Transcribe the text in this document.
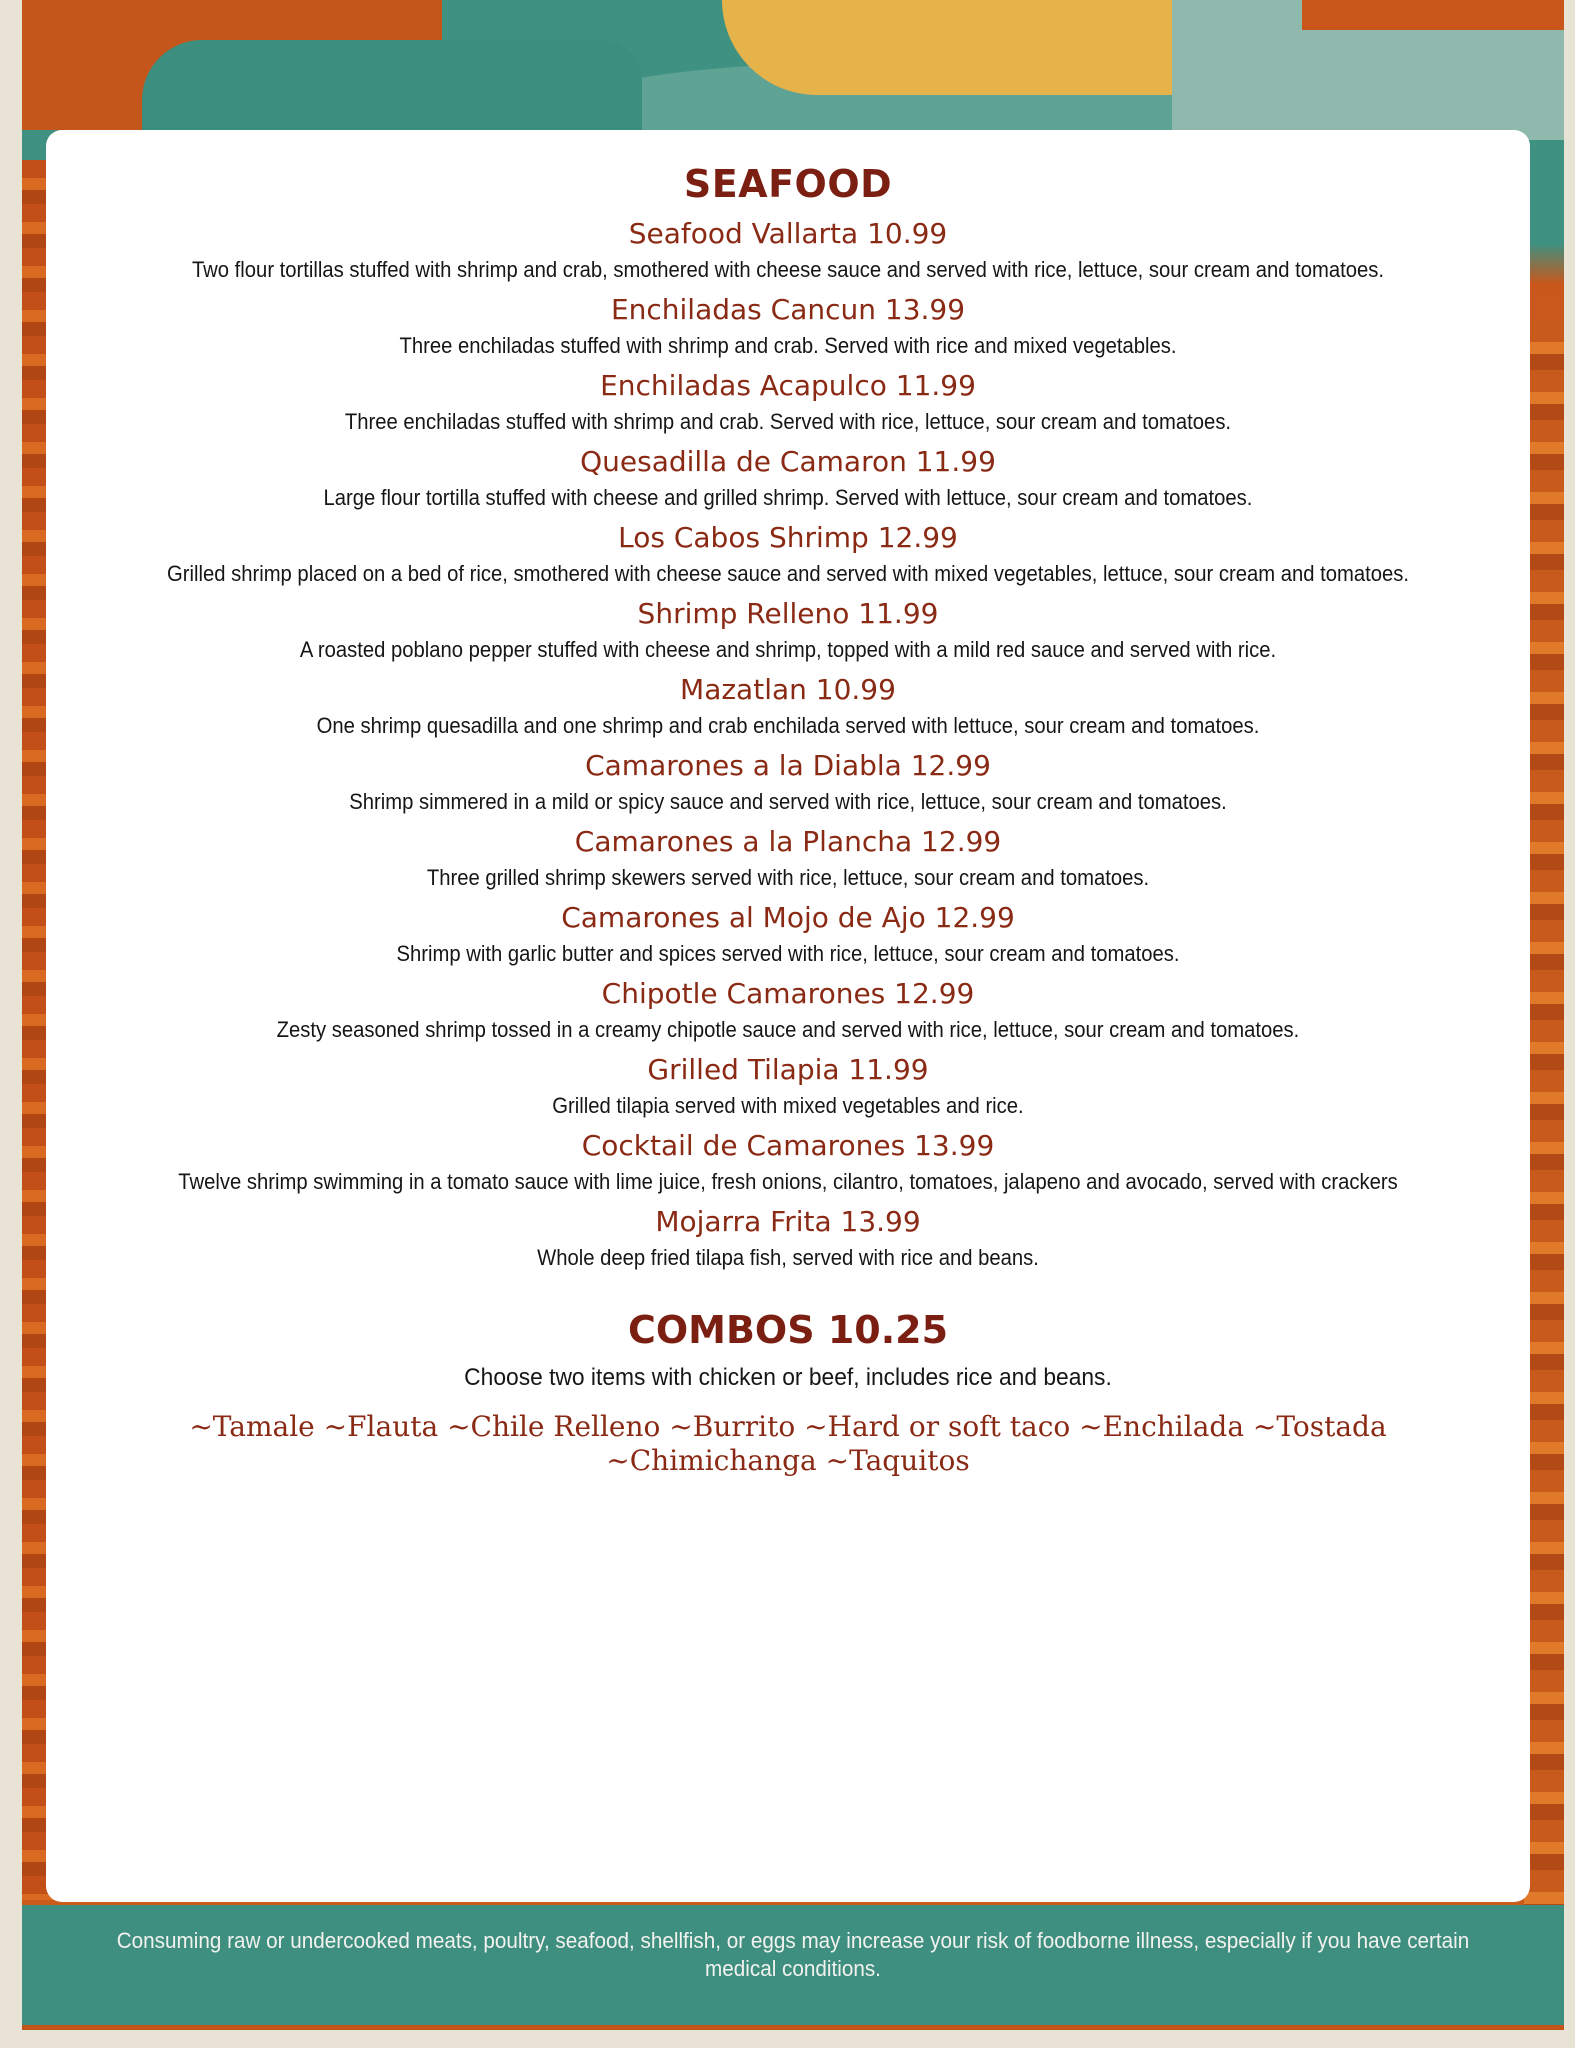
SEAFOOD

Seafood Vallarta 10.99

Two flour tortillas stuffed with shrimp and crab, smothered with cheese sauce and served with rice, lettuce, sour cream and tomatoes.

Enchiladas Cancun 13.99

Three enchiladas stuffed with shrimp and crab. Served with rice and mixed vegetables.

Enchiladas Acapulco 11.99

Three enchiladas stuffed with shrimp and crab. Served with rice, lettuce, sour cream and tomatoes.

Quesadilla de Camaron 11.99

Large flour tortilla stuffed with cheese and grilled shrimp. Served with lettuce, sour cream and tomatoes.

Los Cabos Shrimp 12.99

Grilled shrimp placed on a bed of rice, smothered with cheese sauce and served with mixed vegetables, lettuce, sour cream and tomatoes.

Shrimp Relleno 11.99

A roasted poblano pepper stuffed with cheese and shrimp, topped with a mild red sauce and served with rice.

Mazatlan 10.99

One shrimp quesadilla and one shrimp and crab enchilada served with lettuce, sour cream and tomatoes.

Camarones a la Diabla 12.99

Shrimp simmered in a mild or spicy sauce and served with rice, lettuce, sour cream and tomatoes.

Camarones a la Plancha 12.99

Three grilled shrimp skewers served with rice, lettuce, sour cream and tomatoes.

Camarones al Mojo de Ajo 12.99

Shrimp with garlic butter and spices served with rice, lettuce, sour cream and tomatoes.

Chipotle Camarones 12.99

Zesty seasoned shrimp tossed in a creamy chipotle sauce and served with rice, lettuce, sour cream and tomatoes.

Grilled Tilapia 11.99

Grilled tilapia served with mixed vegetables and rice.

Cocktail de Camarones 13.99

Twelve shrimp swimming in a tomato sauce with lime juice, fresh onions, cilantro, tomatoes, jalapeno and avocado, served with crackers

Mojarra Frita 13.99

Whole deep fried tilapa fish, served with rice and beans.

COMBOS 10.25

Choose two items with chicken or beef, includes rice and beans.

~Tamale ~Flauta ~Chile Relleno ~Burrito ~Hard or soft taco ~Enchilada ~Tostada ~Chimichanga ~Taquitos

Consuming raw or undercooked meats, poultry, seafood, shellfish, or eggs may increase your risk of foodborne illness, especially if you have certain medical conditions.
